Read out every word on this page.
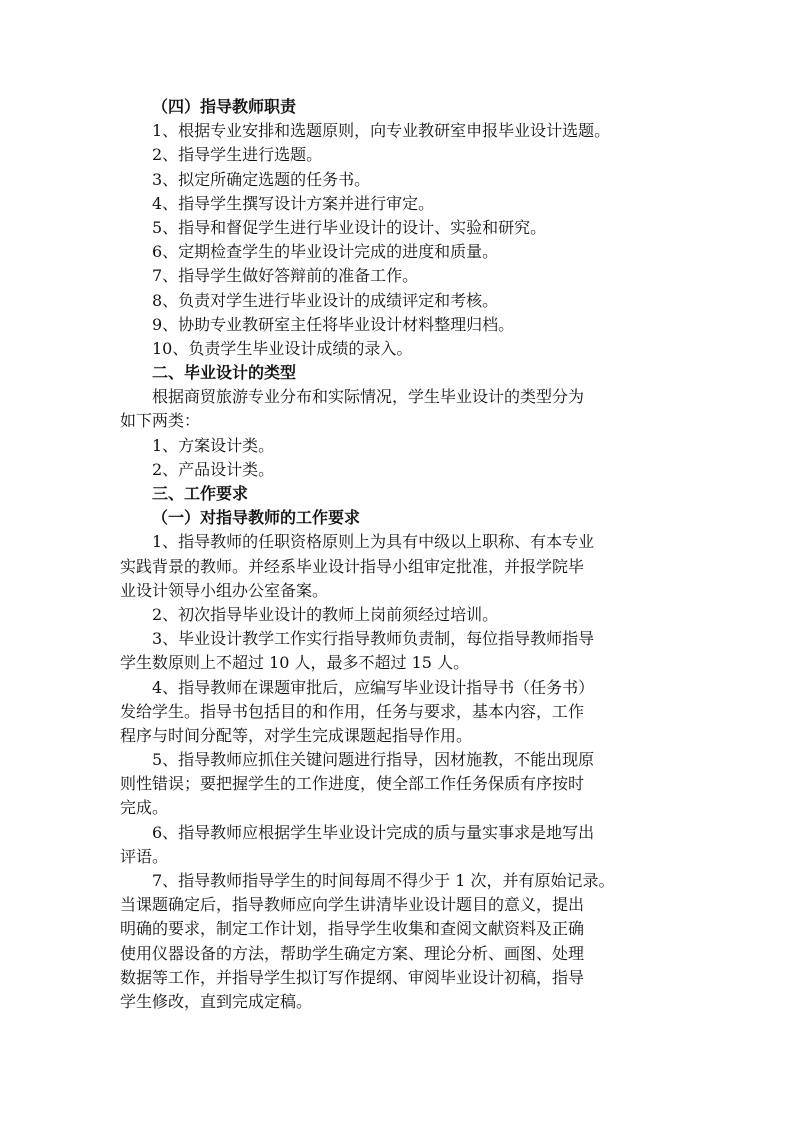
（四）指导教师职责
1、根据专业安排和选题原则，向专业教研室申报毕业设计选题。
2、指导学生进行选题。
3、拟定所确定选题的任务书。
4、指导学生撰写设计方案并进行审定。
5、指导和督促学生进行毕业设计的设计、实验和研究。
6、定期检查学生的毕业设计完成的进度和质量。
7、指导学生做好答辩前的准备工作。
8、负责对学生进行毕业设计的成绩评定和考核。
9、协助专业教研室主任将毕业设计材料整理归档。
10、负责学生毕业设计成绩的录入。
二、毕业设计的类型
根据商贸旅游专业分布和实际情况，学生毕业设计的类型分为
如下两类：
1、方案设计类。
2、产品设计类。
三、工作要求
（一）对指导教师的工作要求
1、指导教师的任职资格原则上为具有中级以上职称、有本专业
实践背景的教师。并经系毕业设计指导小组审定批准，并报学院毕
业设计领导小组办公室备案。
2、初次指导毕业设计的教师上岗前须经过培训。
3、毕业设计教学工作实行指导教师负责制，每位指导教师指导
学生数原则上不超过 10 人，最多不超过 15 人。
4、指导教师在课题审批后，应编写毕业设计指导书（任务书）
发给学生。指导书包括目的和作用，任务与要求，基本内容，工作
程序与时间分配等，对学生完成课题起指导作用。
5、指导教师应抓住关键问题进行指导，因材施教，不能出现原
则性错误；要把握学生的工作进度，使全部工作任务保质有序按时
完成。
6、指导教师应根据学生毕业设计完成的质与量实事求是地写出
评语。
7、指导教师指导学生的时间每周不得少于 1 次，并有原始记录。
当课题确定后，指导教师应向学生讲清毕业设计题目的意义，提出
明确的要求，制定工作计划，指导学生收集和查阅文献资料及正确
使用仪器设备的方法，帮助学生确定方案、理论分析、画图、处理
数据等工作，并指导学生拟订写作提纲、审阅毕业设计初稿，指导
学生修改，直到完成定稿。
